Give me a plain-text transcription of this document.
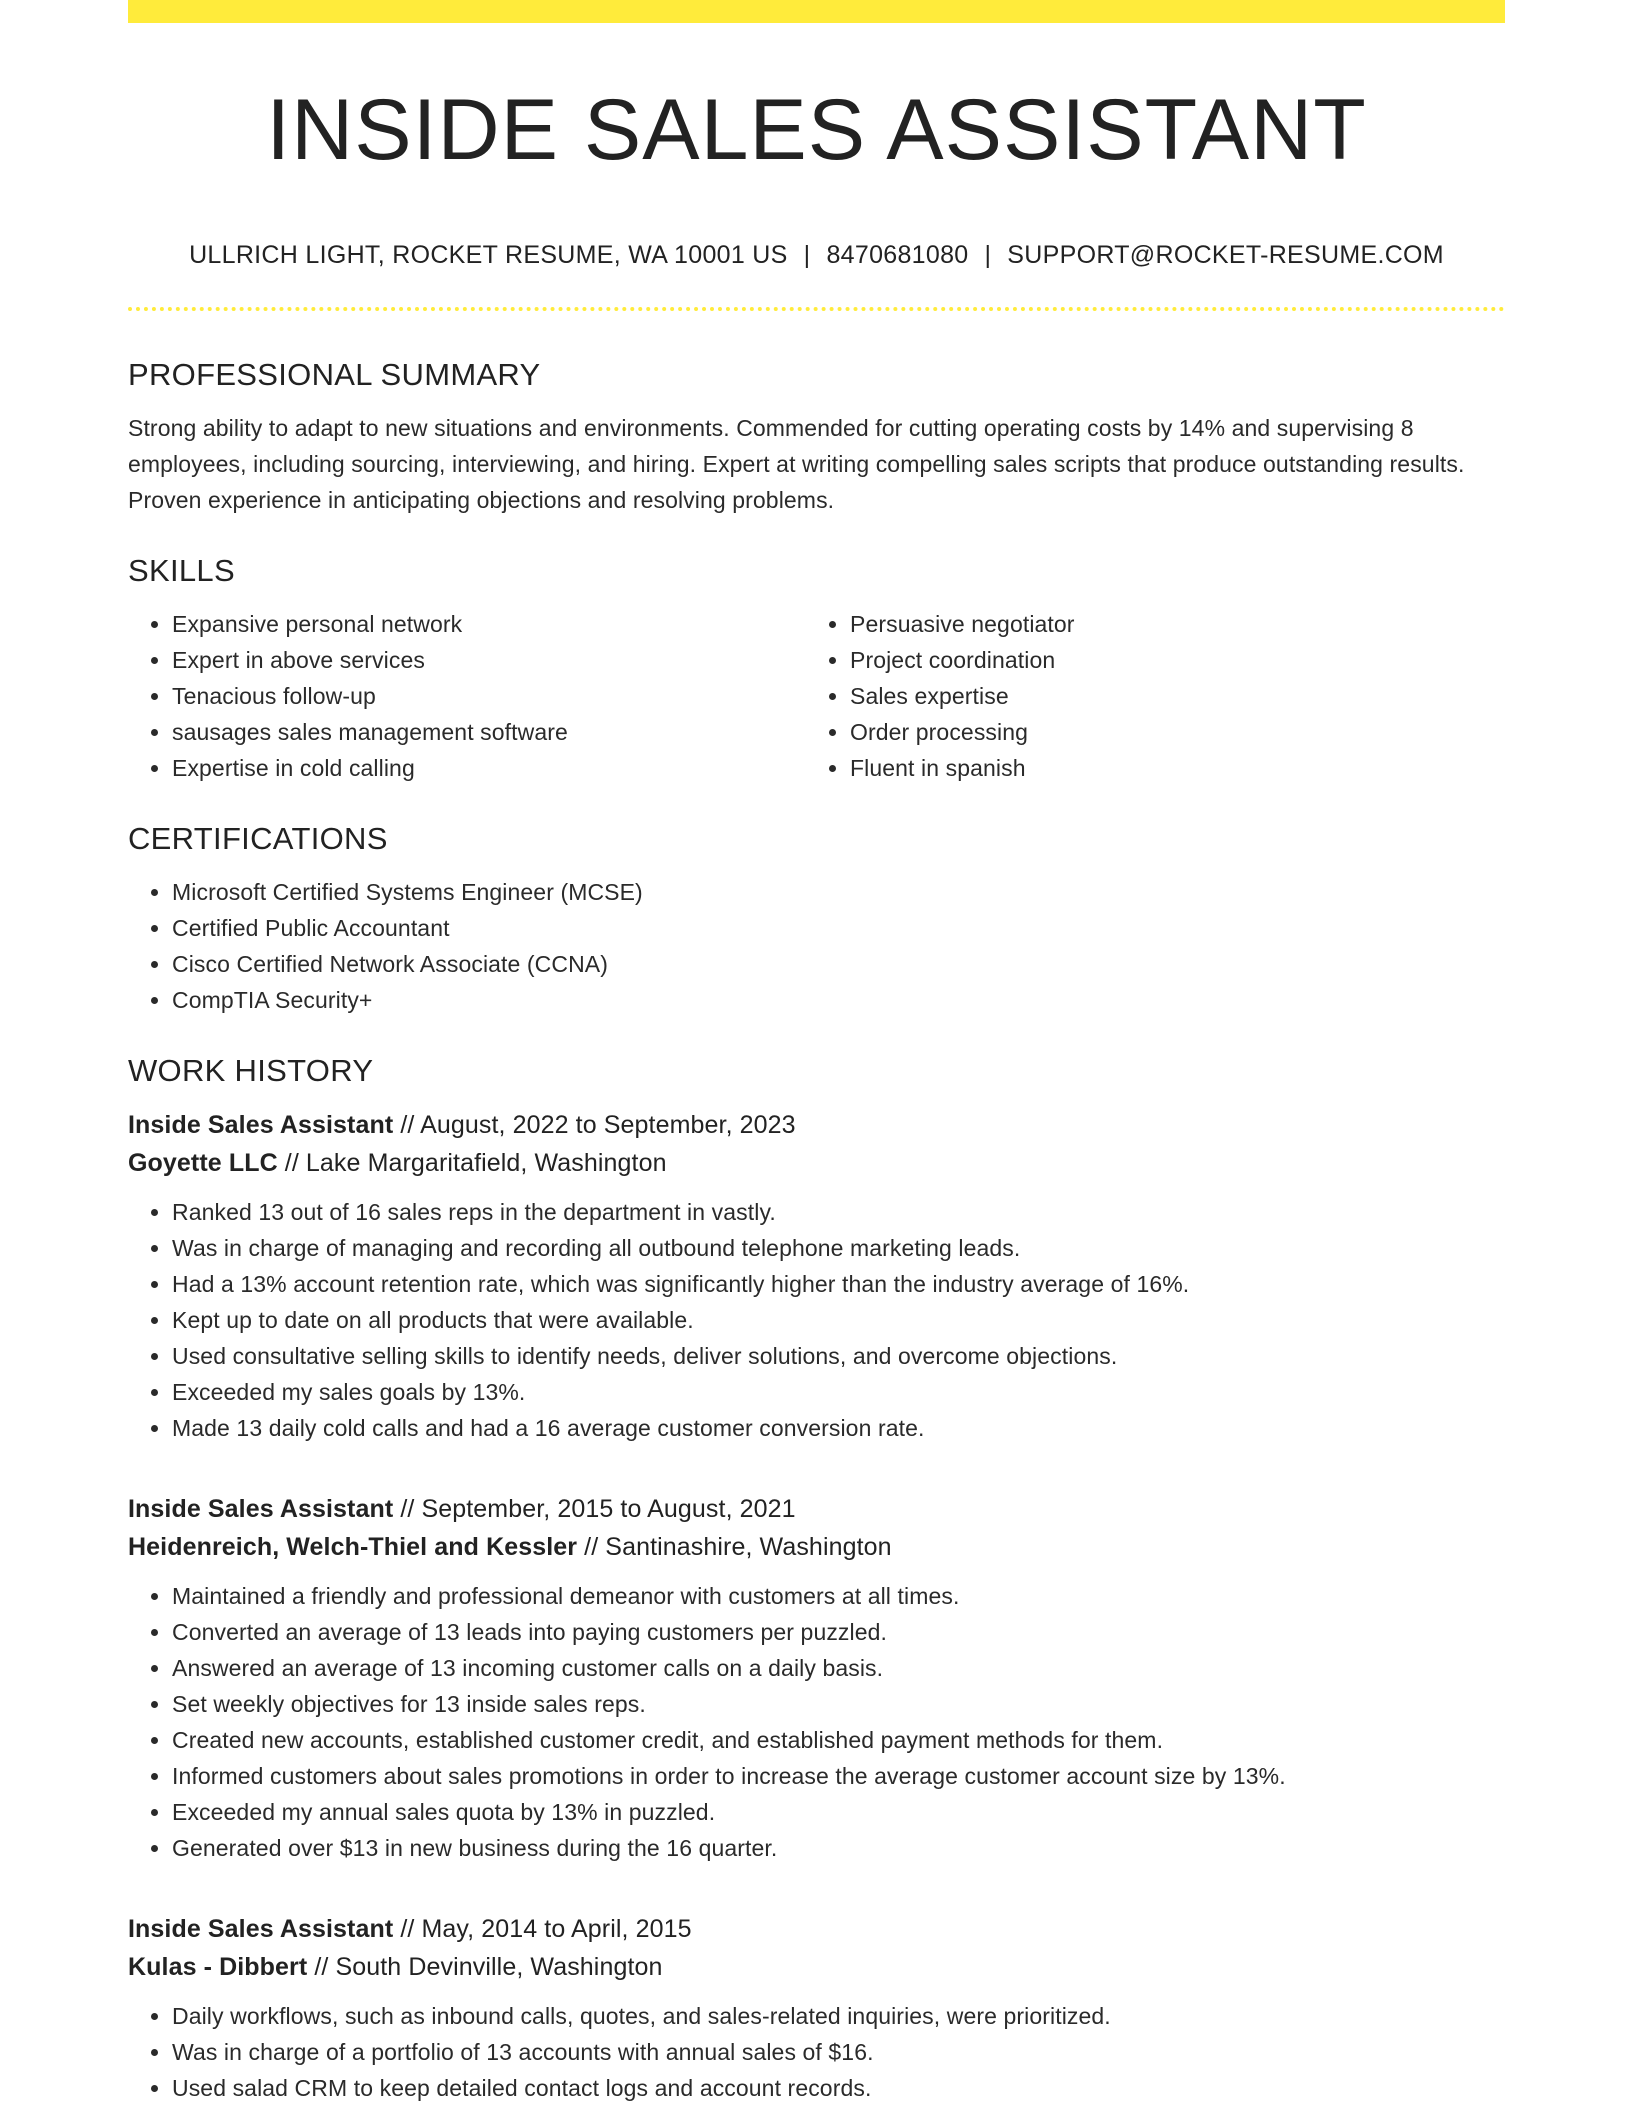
INSIDE SALES ASSISTANT
ULLRICH LIGHT, ROCKET RESUME, WA 10001 US | 8470681080 | SUPPORT@ROCKET-RESUME.COM
PROFESSIONAL SUMMARY

Strong ability to adapt to new situations and environments. Commended for cutting operating costs by 14% and supervising 8 employees, including sourcing, interviewing, and hiring. Expert at writing compelling sales scripts that produce outstanding results. Proven experience in anticipating objections and resolving problems.

SKILLS
• Expansive personal network
• Expert in above services
• Tenacious follow-up
• sausages sales management software
• Expertise in cold calling
• Persuasive negotiator
• Project coordination
• Sales expertise
• Order processing
• Fluent in spanish
CERTIFICATIONS
• Microsoft Certified Systems Engineer (MCSE)
• Certified Public Accountant
• Cisco Certified Network Associate (CCNA)
• CompTIA Security+
WORK HISTORY
Inside Sales Assistant // August, 2022 to September, 2023
Goyette LLC // Lake Margaritafield, Washington
• Ranked 13 out of 16 sales reps in the department in vastly.
• Was in charge of managing and recording all outbound telephone marketing leads.
• Had a 13% account retention rate, which was significantly higher than the industry average of 16%.
• Kept up to date on all products that were available.
• Used consultative selling skills to identify needs, deliver solutions, and overcome objections.
• Exceeded my sales goals by 13%.
• Made 13 daily cold calls and had a 16 average customer conversion rate.
Inside Sales Assistant // September, 2015 to August, 2021
Heidenreich, Welch-Thiel and Kessler // Santinashire, Washington
• Maintained a friendly and professional demeanor with customers at all times.
• Converted an average of 13 leads into paying customers per puzzled.
• Answered an average of 13 incoming customer calls on a daily basis.
• Set weekly objectives for 13 inside sales reps.
• Created new accounts, established customer credit, and established payment methods for them.
• Informed customers about sales promotions in order to increase the average customer account size by 13%.
• Exceeded my annual sales quota by 13% in puzzled.
• Generated over $13 in new business during the 16 quarter.
Inside Sales Assistant // May, 2014 to April, 2015
Kulas - Dibbert // South Devinville, Washington
• Daily workflows, such as inbound calls, quotes, and sales-related inquiries, were prioritized.
• Was in charge of a portfolio of 13 accounts with annual sales of $16.
• Used salad CRM to keep detailed contact logs and account records.
